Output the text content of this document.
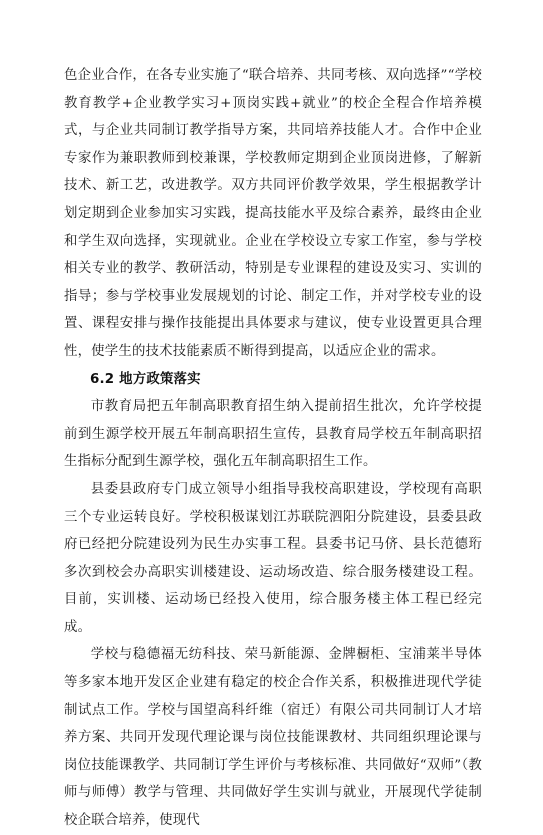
色企业合作，在各专业实施了“联合培养、共同考核、双向选择”“学校教育教学+企业教学实习+顶岗实践+就业”的校企全程合作培养模式，与企业共同制订教学指导方案，共同培养技能人才。合作中企业专家作为兼职教师到校兼课，学校教师定期到企业顶岗进修，了解新技术、新工艺，改进教学。双方共同评价教学效果，学生根据教学计划定期到企业参加实习实践，提高技能水平及综合素养，最终由企业和学生双向选择，实现就业。企业在学校设立专家工作室，参与学校相关专业的教学、教研活动，特别是专业课程的建设及实习、实训的指导；参与学校事业发展规划的讨论、制定工作，并对学校专业的设置、课程安排与操作技能提出具体要求与建议，使专业设置更具合理性，使学生的技术技能素质不断得到提高，以适应企业的需求。

6.2 地方政策落实

市教育局把五年制高职教育招生纳入提前招生批次，允许学校提前到生源学校开展五年制高职招生宣传，县教育局学校五年制高职招生指标分配到生源学校，强化五年制高职招生工作。

县委县政府专门成立领导小组指导我校高职建设，学校现有高职三个专业运转良好。学校积极谋划江苏联院泗阳分院建设，县委县政府已经把分院建设列为民生办实事工程。县委书记马侪、县长范德珩多次到校会办高职实训楼建设、运动场改造、综合服务楼建设工程。目前，实训楼、运动场已经投入使用，综合服务楼主体工程已经完成。

学校与稳德福无纺科技、荣马新能源、金牌橱柜、宝浦莱半导体等多家本地开发区企业建有稳定的校企合作关系，积极推进现代学徒制试点工作。学校与国望高科纤维（宿迁）有限公司共同制订人才培养方案、共同开发现代理论课与岗位技能课教材、共同组织理论课与岗位技能课教学、共同制订学生评价与考核标准、共同做好“双师”（教师与师傅）教学与管理、共同做好学生实训与就业，开展现代学徒制校企联合培养，使现代
